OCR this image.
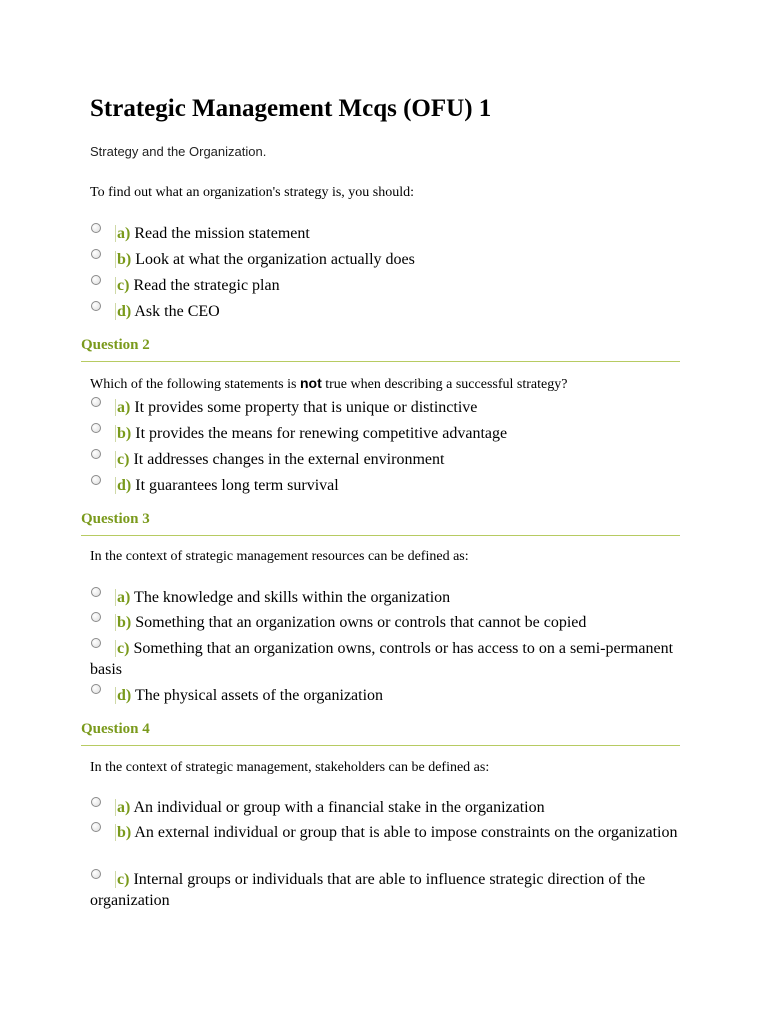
Strategic Management Mcqs (OFU) 1
Strategy and the Organization.
To find out what an organization's strategy is, you should:
a) Read the mission statement
b) Look at what the organization actually does
c) Read the strategic plan
d) Ask the CEO
Question 2
Which of the following statements is not true when describing a successful strategy?
a) It provides some property that is unique or distinctive
b) It provides the means for renewing competitive advantage
c) It addresses changes in the external environment
d) It guarantees long term survival
Question 3
In the context of strategic management resources can be defined as:
a) The knowledge and skills within the organization
b) Something that an organization owns or controls that cannot be copied
c) Something that an organization owns, controls or has access to on a semi-permanent basis
d) The physical assets of the organization
Question 4
In the context of strategic management, stakeholders can be defined as:
a) An individual or group with a financial stake in the organization
b) An external individual or group that is able to impose constraints on the organization
c) Internal groups or individuals that are able to influence strategic direction of the organization
